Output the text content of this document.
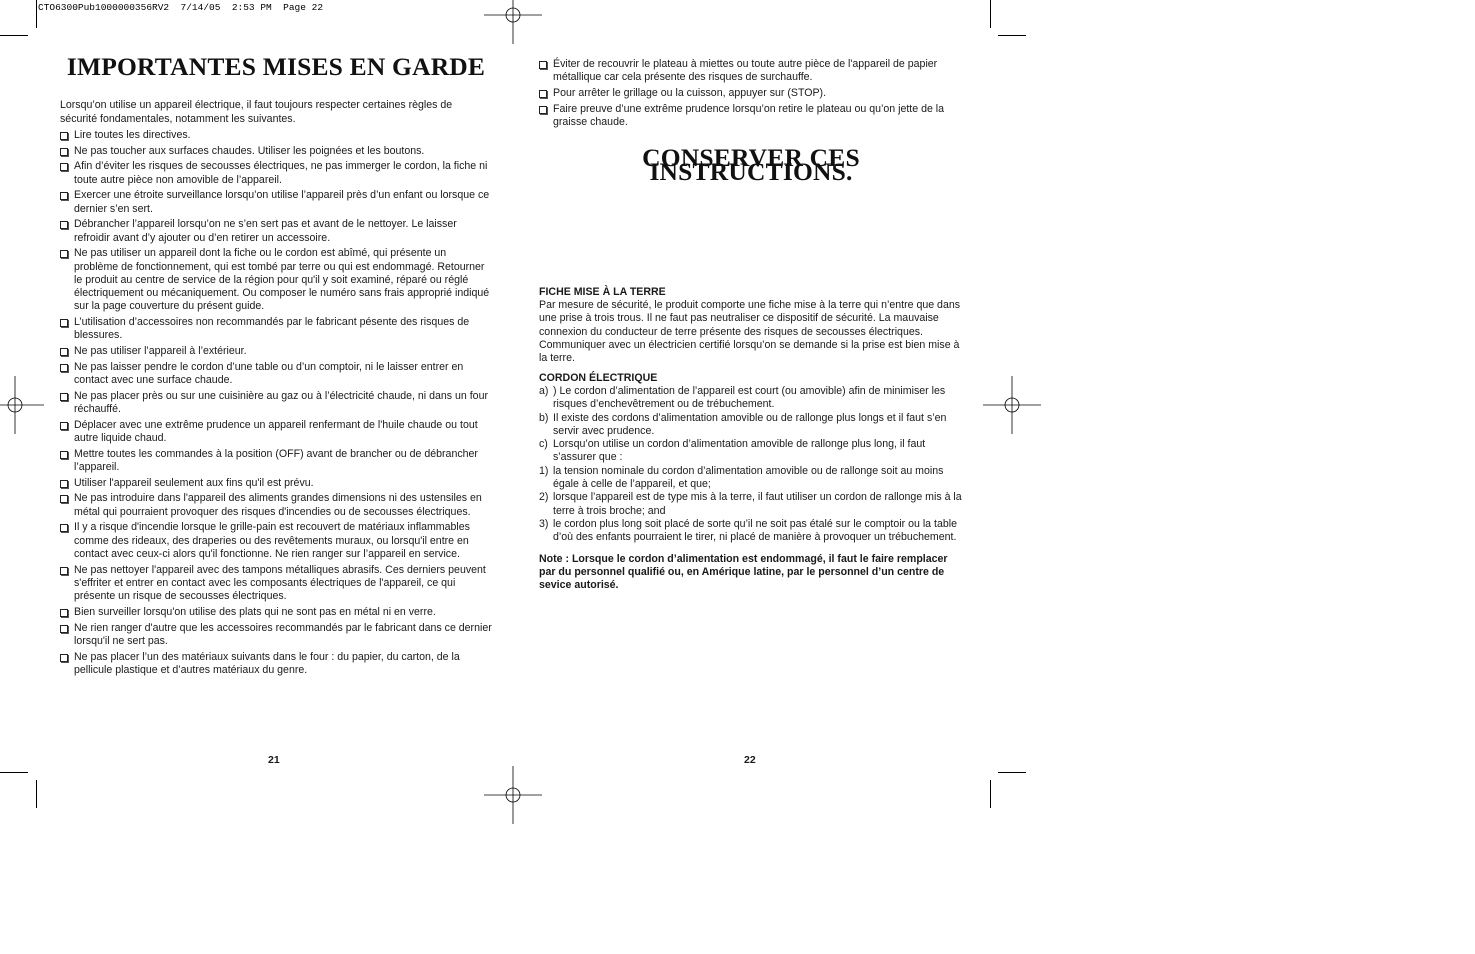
CTO6300Pub1000000356RV2  7/14/05  2:53 PM  Page 22
IMPORTANTES MISES EN GARDE

Lorsqu’on utilise un appareil électrique, il faut toujours respecter certaines règles de sécurité fondamentales, notamment les suivantes.

Lire toutes les directives.
Ne pas toucher aux surfaces chaudes. Utiliser les poignées et les boutons.
Afin d’éviter les risques de secousses électriques, ne pas immerger le cordon, la fiche ni toute autre pièce non amovible de l’appareil.
Exercer une étroite surveillance lorsqu’on utilise l’appareil près d’un enfant ou lorsque ce dernier s’en sert.
Débrancher l’appareil lorsqu’on ne s’en sert pas et avant de le nettoyer. Le laisser refroidir avant d’y ajouter ou d’en retirer un accessoire.
Ne pas utiliser un appareil dont la fiche ou le cordon est abîmé, qui présente un problème de fonctionnement, qui est tombé par terre ou qui est endommagé. Retourner le produit au centre de service de la région pour qu'il y soit examiné, réparé ou réglé électriquement ou mécaniquement. Ou composer le numéro sans frais approprié indiqué sur la page couverture du présent guide.
L’utilisation d’accessoires non recommandés par le fabricant pésente des risques de blessures.
Ne pas utiliser l’appareil à l’extérieur.
Ne pas laisser pendre le cordon d’une table ou d’un comptoir, ni le laisser entrer en contact avec une surface chaude.
Ne pas placer près ou sur une cuisinière au gaz ou à l’électricité chaude, ni dans un four réchauffé.
Déplacer avec une extrême prudence un appareil renfermant de l'huile chaude ou tout autre liquide chaud.
Mettre toutes les commandes à la position (OFF) avant de brancher ou de débrancher l’appareil.
Utiliser l'appareil seulement aux fins qu'il est prévu.
Ne pas introduire dans l'appareil des aliments grandes dimensions ni des ustensiles en métal qui pourraient provoquer des risques d'incendies ou de secousses électriques.
Il y a risque d'incendie lorsque le grille-pain est recouvert de matériaux inflammables comme des rideaux, des draperies ou des revêtements muraux, ou lorsqu'il entre en contact avec ceux-ci alors qu'il fonctionne. Ne rien ranger sur l’appareil en service.
Ne pas nettoyer l'appareil avec des tampons métalliques abrasifs. Ces derniers peuvent s'effriter et entrer en contact avec les composants électriques de l'appareil, ce qui présente un risque de secousses électriques.
Bien surveiller lorsqu'on utilise des plats qui ne sont pas en métal ni en verre.
Ne rien ranger d'autre que les accessoires recommandés par le fabricant dans ce dernier lorsqu'il ne sert pas.
Ne pas placer l’un des matériaux suivants dans le four : du papier, du carton, de la pellicule plastique et d’autres matériaux du genre.
Éviter de recouvrir le plateau à miettes ou toute autre pièce de l'appareil de papier métallique car cela présente des risques de surchauffe.
Pour arrêter le grillage ou la cuisson, appuyer sur (STOP).
Faire preuve d’une extrême prudence lorsqu’on retire le plateau ou qu’on jette de la graisse chaude.
CONSERVER CES INSTRUCTIONS.

FICHE MISE À LA TERRE

Par mesure de sécurité, le produit comporte une fiche mise à la terre qui n’entre que dans une prise à trois trous. Il ne faut pas neutraliser ce dispositif de sécurité. La mauvaise connexion du conducteur de terre présente des risques de secousses électriques. Communiquer avec un électricien certifié lorsqu’on se demande si la prise est bien mise à la terre.

CORDON ÉLECTRIQUE

a) ) Le cordon d’alimentation de l’appareil est court (ou amovible) afin de minimiser les risques d’enchevêtrement ou de trébuchement.
b) Il existe des cordons d’alimentation amovible ou de rallonge plus longs et il faut s’en servir avec prudence.
c) Lorsqu’on utilise un cordon d’alimentation amovible de rallonge plus long, il faut s’assurer que :
1) la tension nominale du cordon d’alimentation amovible ou de rallonge soit au moins égale à celle de l’appareil, et que;
2) lorsque l’appareil est de type mis à la terre, il faut utiliser un cordon de rallonge mis à la terre à trois broche; and
3) le cordon plus long soit placé de sorte qu’il ne soit pas étalé sur le comptoir ou la table d’où des enfants pourraient le tirer, ni placé de manière à provoquer un trébuchement.

Note : Lorsque le cordon d’alimentation est endommagé, il faut le faire remplacer par du personnel qualifié ou, en Amérique latine, par le personnel d’un centre de sevice autorisé.

21	22
